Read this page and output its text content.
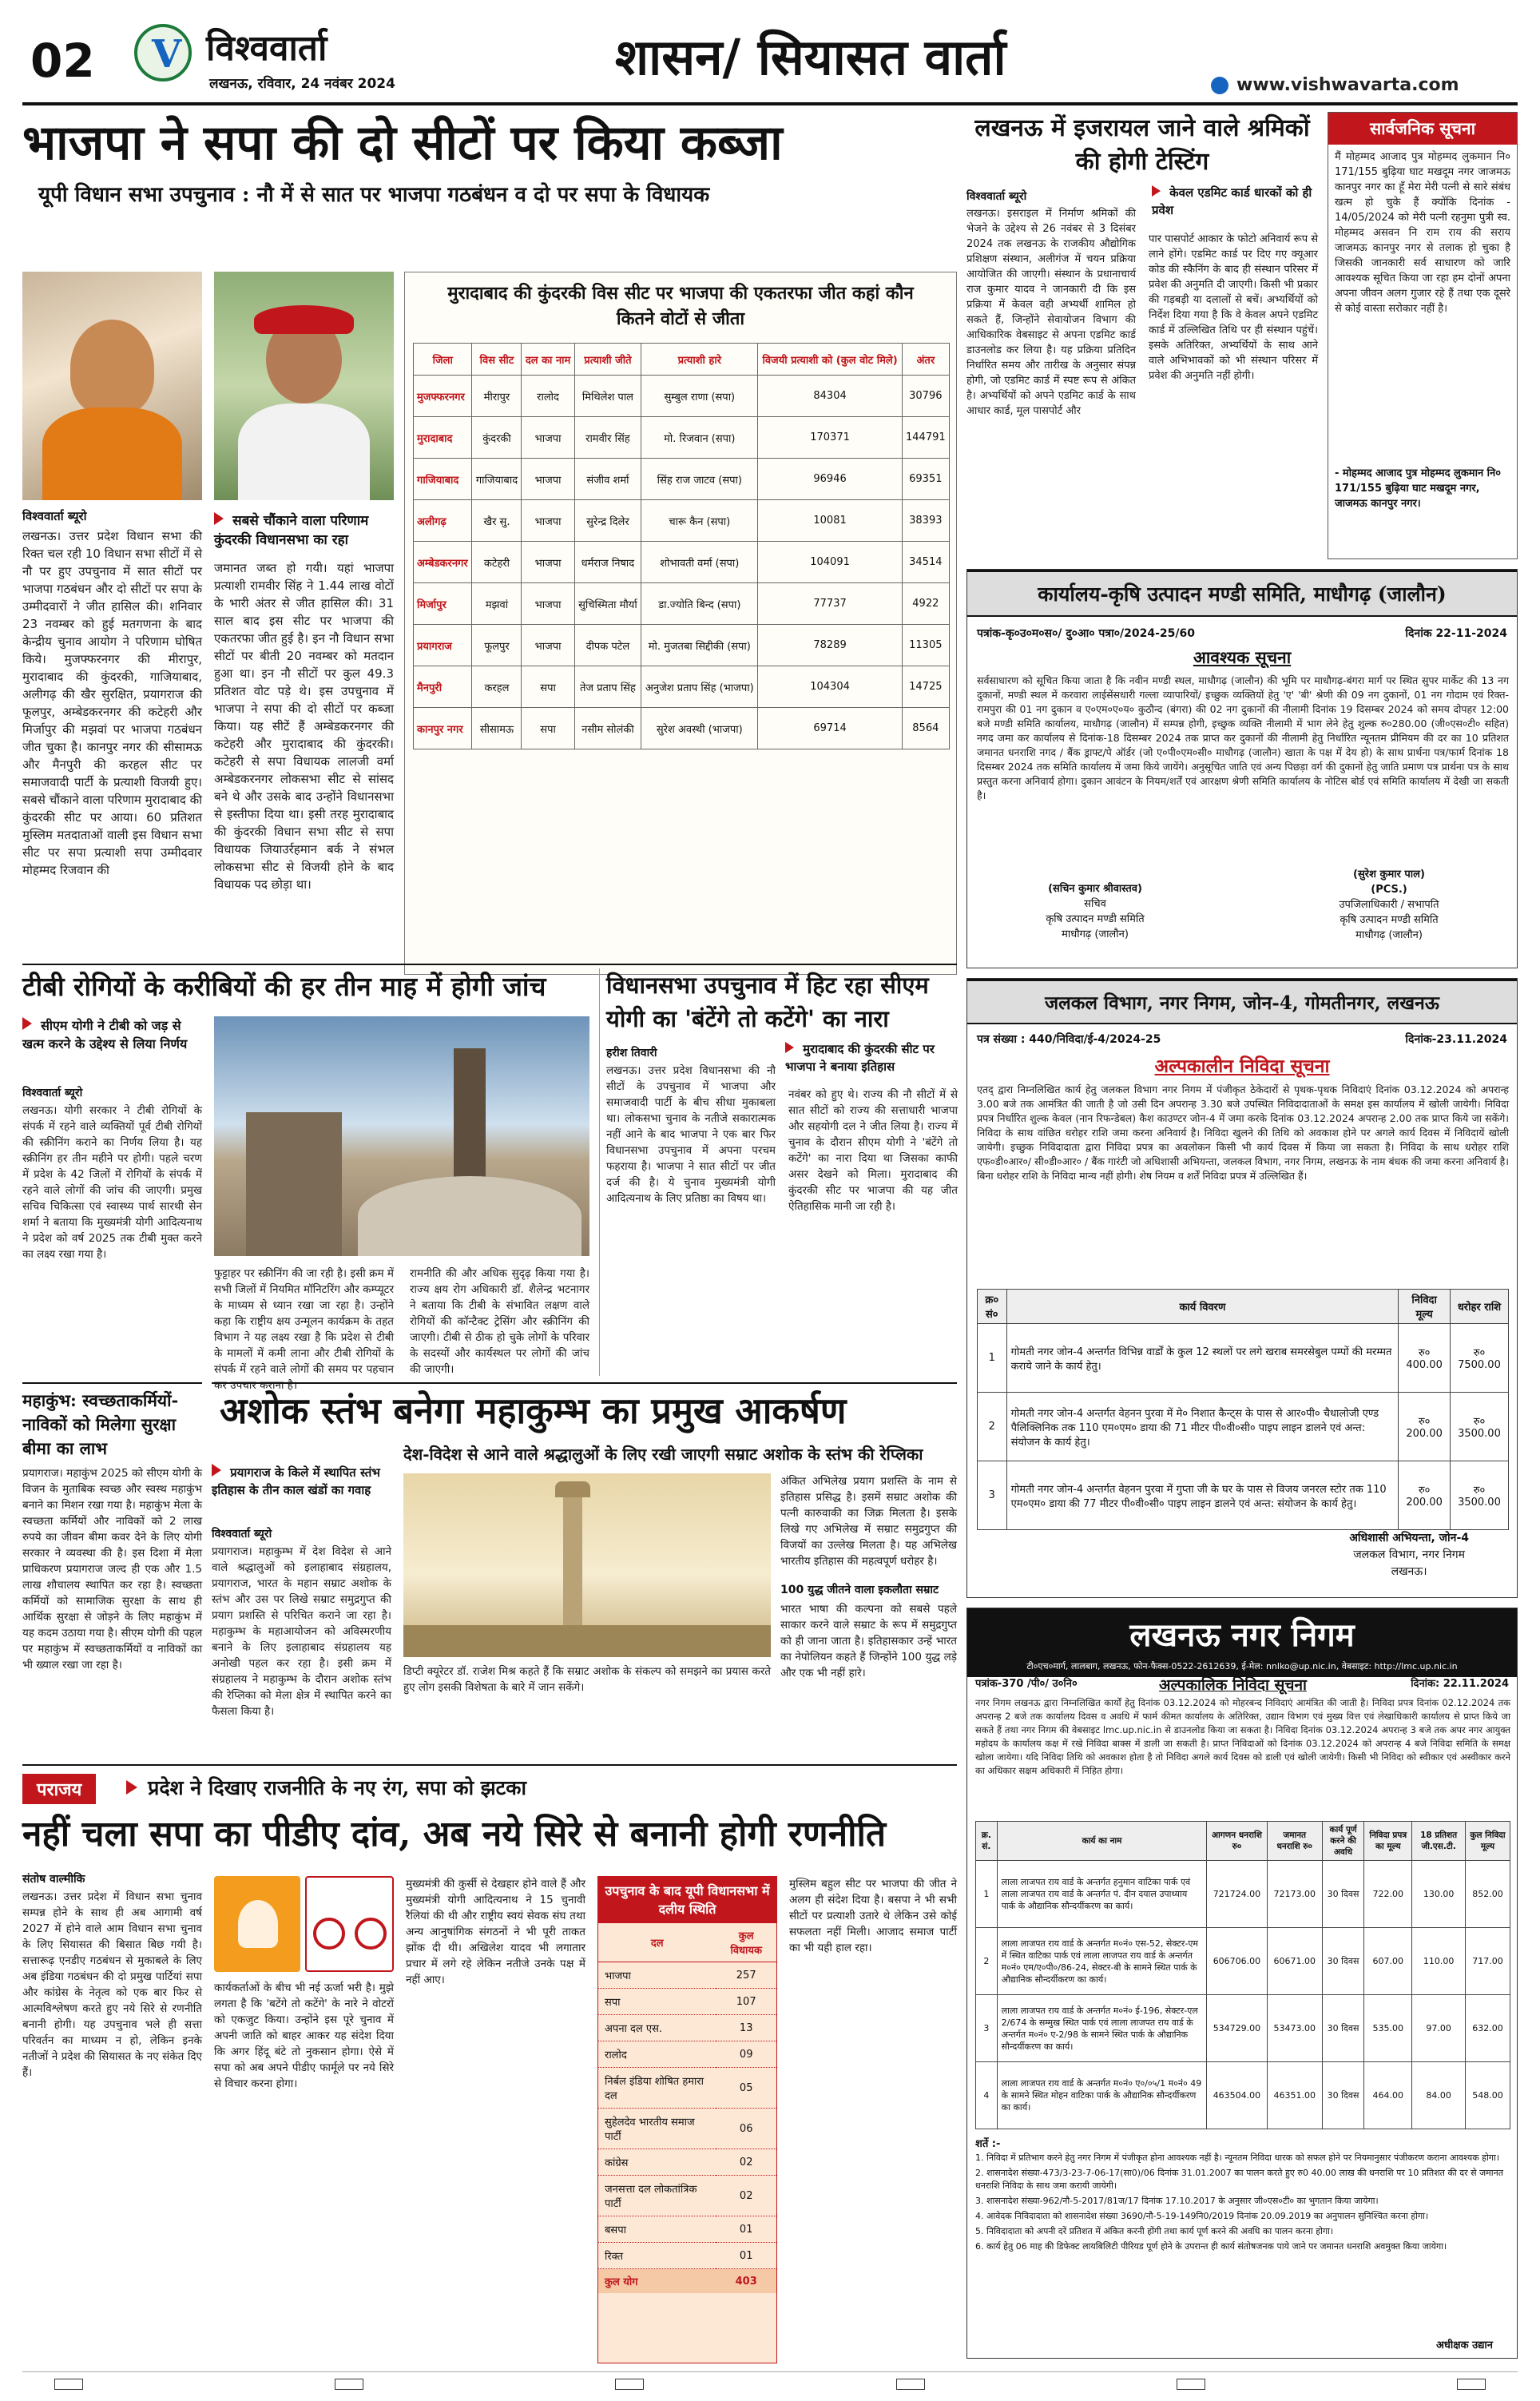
02 V विश्ववार्ता
लखनऊ, रविवार, 24 नवंबर 2024	शासन/ सियासत वार्ता	www.vishwavarta.com
भाजपा ने सपा की दो सीटों पर किया कब्जा
यूपी विधान सभा उपचुनाव : नौ में से सात पर भाजपा गठबंधन व दो पर सपा के विधायक
विश्ववार्ता ब्यूरो
लखनऊ। उत्तर प्रदेश विधान सभा की रिक्त चल रही 10 विधान सभा सीटों में से नौ पर हुए उपचुनाव में सात सीटों पर भाजपा गठबंधन और दो सीटों पर सपा के उम्मीदवारों ने जीत हासिल की। शनिवार 23 नवम्बर को हुई मतगणना के बाद केन्द्रीय चुनाव आयोग ने परिणाम घोषित किये। मुजफ्फरनगर की मीरापुर, मुरादाबाद की कुंदरकी, गाजियाबाद, अलीगढ़ की खैर सुरक्षित, प्रयागराज की फूलपुर, अम्बेडकरनगर की कटेहरी और मिर्जापुर की मझवां पर भाजपा गठबंधन जीत चुका है। कानपुर नगर की सीसामऊ और मैनपुरी की करहल सीट पर समाजवादी पार्टी के प्रत्याशी विजयी हुए। सबसे चौंकाने वाला परिणाम मुरादाबाद की कुंदरकी सीट पर आया। 60 प्रतिशत मुस्लिम मतदाताओं वाली इस विधान सभा सीट पर सपा प्रत्याशी सपा उम्मीदवार मोहम्मद रिजवान की
सबसे चौंकाने वाला परिणाम कुंदरकी विधानसभा का रहा
जमानत जब्त हो गयी। यहां भाजपा प्रत्याशी रामवीर सिंह ने 1.44 लाख वोटों के भारी अंतर से जीत हासिल की। 31 साल बाद इस सीट पर भाजपा की एकतरफा जीत हुई है। इन नौ विधान सभा सीटों पर बीती 20 नवम्बर को मतदान हुआ था। इन नौ सीटों पर कुल 49.3 प्रतिशत वोट पड़े थे। इस उपचुनाव में भाजपा ने सपा की दो सीटों पर कब्जा किया। यह सीटें हैं अम्बेडकरनगर की कटेहरी और मुरादाबाद की कुंदरकी। कटेहरी से सपा विधायक लालजी वर्मा अम्बेडकरनगर लोकसभा सीट से सांसद बने थे और उसके बाद उन्होंने विधानसभा से इस्तीफा दिया था। इसी तरह मुरादाबाद की कुंदरकी विधान सभा सीट से सपा विधायक जियाउर्रहमान बर्क ने संभल लोकसभा सीट से विजयी होने के बाद विधायक पद छोड़ा था।
मुरादाबाद की कुंदरकी विस सीट पर भाजपा की एकतरफा जीत कहां कौन कितने वोटों से जीता
जिला	विस सीट	दल का नाम	प्रत्याशी जीते	प्रत्याशी हारे	विजयी प्रत्याशी को (कुल वोट मिले)	अंतर
मुजफ्फरनगर	मीरापुर	रालोद	मिथिलेश पाल	सुम्बुल राणा (सपा)	84304	30796
मुरादाबाद	कुंदरकी	भाजपा	रामवीर सिंह	मो. रिजवान (सपा)	170371	144791
गाजियाबाद	गाजियाबाद	भाजपा	संजीव शर्मा	सिंह राज जाटव (सपा)	96946	69351
अलीगढ़	खैर सु.	भाजपा	सुरेन्द्र दिलेर	चारू कैन (सपा)	10081	38393
अम्बेडकरनगर	कटेहरी	भाजपा	धर्मराज निषाद	शोभावती वर्मा (सपा)	104091	34514
मिर्जापुर	मझवां	भाजपा	सुचिस्मिता मौर्या	डा.ज्योति बिन्द (सपा)	77737	4922
प्रयागराज	फूलपुर	भाजपा	दीपक पटेल	मो. मुजतबा सिद्दीकी (सपा)	78289	11305
मैनपुरी	करहल	सपा	तेज प्रताप सिंह	अनुजेश प्रताप सिंह (भाजपा)	104304	14725
कानपुर नगर	सीसामऊ	सपा	नसीम सोलंकी	सुरेश अवस्थी (भाजपा)	69714	8564
लखनऊ में इजरायल जाने वाले श्रमिकों की होगी टेस्टिंग
विश्ववार्ता ब्यूरो	केवल एडमिट कार्ड धारकों को ही प्रवेश
लखनऊ। इसराइल में निर्माण श्रमिकों की भेजने के उद्देश्य से 26 नवंबर से 3 दिसंबर 2024 तक लखनऊ के राजकीय औद्योगिक प्रशिक्षण संस्थान, अलीगंज में चयन प्रक्रिया आयोजित की जाएगी। संस्थान के प्रधानाचार्य राज कुमार यादव ने जानकारी दी कि इस प्रक्रिया में केवल वही अभ्यर्थी शामिल हो सकते हैं, जिन्होंने सेवायोजन विभाग की आधिकारिक वेबसाइट से अपना एडमिट कार्ड डाउनलोड कर लिया है। यह प्रक्रिया प्रतिदिन निर्धारित समय और तारीख के अनुसार संपन्न होगी, जो एडमिट कार्ड में स्पष्ट रूप से अंकित है। अभ्यर्थियों को अपने एडमिट कार्ड के साथ आधार कार्ड, मूल पासपोर्ट और
पार पासपोर्ट आकार के फोटो अनिवार्य रूप से लाने होंगे। एडमिट कार्ड पर दिए गए क्यूआर कोड की स्कैनिंग के बाद ही संस्थान परिसर में प्रवेश की अनुमति दी जाएगी। किसी भी प्रकार की गड़बड़ी या दलालों से बचें। अभ्यर्थियों को निर्देश दिया गया है कि वे केवल अपने एडमिट कार्ड में उल्लिखित तिथि पर ही संस्थान पहुंचें। इसके अतिरिक्त, अभ्यर्थियों के साथ आने वाले अभिभावकों को भी संस्थान परिसर में प्रवेश की अनुमति नहीं होगी।
सार्वजनिक सूचना
मैं मोहम्मद आजाद पुत्र मोहम्मद लुकमान नि० 171/155 बुढ़िया घाट मखदूम नगर जाजमऊ कानपुर नगर का हूँ मेरा मेरी पत्नी से सारे संबंध खत्म हो चुके हैं क्योंकि दिनांक - 14/05/2024 को मेरी पत्नी रहनुमा पुत्री स्व. मोहम्मद असवन नि राम राय की सराय जाजमऊ कानपुर नगर से तलाक हो चुका है जिसकी जानकारी सर्व साधारण को जारि आवश्यक सूचित किया जा रहा हम दोनों अपना अपना जीवन अलग गुजार रहे हैं तथा एक दूसरे से कोई वास्ता सरोकार नहीं है।
- मोहम्मद आजाद पुत्र मोहम्मद लुकमान नि० 171/155 बुढ़िया घाट मखदूम नगर, जाजमऊ कानपुर नगर।
कार्यालय-कृषि उत्पादन मण्डी समिति, माधौगढ़ (जालौन)
पत्रांक-कृ०उ०म०स०/ दु०आ० पत्रा०/2024-25/60	दिनांक 22-11-2024
आवश्यक सूचना
सर्वसाधारण को सूचित किया जाता है कि नवीन मण्डी स्थल, माधौगढ़ (जालौन) की भूमि पर माधौगढ़-बंगरा मार्ग पर स्थित सुपर मार्केट की 13 नग दुकानों, मण्डी स्थल में करवारा लाईसेंसधारी गल्ला व्यापारियों/ इच्छुक व्यक्तियों हेतु 'ए' 'बी' श्रेणी की 09 नग दुकानों, 01 नग गोदाम एवं रिक्त-रामपुरा की 01 नग दुकान व ए०एम०ए०य० कुठौन्द (बंगरा) की 02 नग दुकानों की नीलामी दिनांक 19 दिसम्बर 2024 को समय दोपहर 12:00 बजे मण्डी समिति कार्यालय, माधौगढ़ (जालौन) में सम्पन्न होगी, इच्छुक व्यक्ति नीलामी में भाग लेने हेतु शुल्क रु०280.00 (जी०एस०टी० सहित) नगद जमा कर कार्यालय से दिनांक-18 दिसम्बर 2024 तक प्राप्त कर दुकानों की नीलामी हेतु निर्धारित न्यूनतम प्रीमियम की दर का 10 प्रतिशत जमानत धनराशि नगद / बैंक ड्राफ्ट/पे ऑर्डर (जो ए०पी०एम०सी० माधौगढ़ (जालौन) खाता के पक्ष में देय हो) के साथ प्रार्थना पत्र/फार्म दिनांक 18 दिसम्बर 2024 तक समिति कार्यालय में जमा किये जायेंगे। अनुसूचित जाति एवं अन्य पिछड़ा वर्ग की दुकानों हेतु जाति प्रमाण पत्र प्रार्थना पत्र के साथ प्रस्तुत करना अनिवार्य होगा। दुकान आवंटन के नियम/शर्तें एवं आरक्षण श्रेणी समिति कार्यालय के नोटिस बोर्ड एवं समिति कार्यालय में देखी जा सकती है।
(सचिन कुमार श्रीवास्तव)
सचिव
कृषि उत्पादन मण्डी समिति
माधौगढ़ (जालौन)
(सुरेश कुमार पाल)
(PCS.)
उपजिलाधिकारी / सभापति
कृषि उत्पादन मण्डी समिति
माधौगढ़ (जालौन)
जलकल विभाग, नगर निगम, जोन-4, गोमतीनगर, लखनऊ
पत्र संख्या : 440/निविदा/ई-4/2024-25	दिनांक-23.11.2024
अल्पकालीन निविदा सूचना
एतद् द्वारा निम्नलिखित कार्य हेतु जलकल विभाग नगर निगम में पंजीकृत ठेकेदारों से पृथक-पृथक निविदाएं दिनांक 03.12.2024 को अपरान्ह 3.00 बजे तक आमंत्रित की जाती है जो उसी दिन अपरान्ह 3.30 बजे उपस्थित निविदादाताओं के समक्ष इस कार्यालय में खोली जायेगी। निविदा प्रपत्र निर्धारित शुल्क केवल (नान रिफन्डेबल) कैश काउण्टर जोन-4 में जमा करके दिनांक 03.12.2024 अपरान्ह 2.00 तक प्राप्त किये जा सकेंगे। निविदा के साथ वांछित धरोहर राशि जमा करना अनिवार्य है। निविदा खुलने की तिथि को अवकाश होने पर अगले कार्य दिवस में निविदायें खोली जायेगी। इच्छुक निविदादाता द्वारा निविदा प्रपत्र का अवलोकन किसी भी कार्य दिवस में किया जा सकता है। निविदा के साथ धरोहर राशि एफ०डी०आर०/ सी०डी०आर० / बैंक गारंटी जो अधिशासी अभियन्ता, जलकल विभाग, नगर निगम, लखनऊ के नाम बंधक की जमा करना अनिवार्य है। बिना धरोहर राशि के निविदा मान्य नहीं होगी। शेष नियम व शर्तें निविदा प्रपत्र में उल्लिखित हैं।
क्र० सं०	कार्य विवरण	निविदा मूल्य	धरोहर राशि
1	गोमती नगर जोन-4 अन्तर्गत विभिन्न वार्डों के कुल 12 स्थलों पर लगे खराब समरसेबुल पम्पों की मरम्मत कराये जाने के कार्य हेतु।	रु० 400.00	रु० 7500.00
2	गोमती नगर जोन-4 अन्तर्गत वेहनन पुरवा में मे० निशात कैन्ट्स के पास से आर०पी० चैधालोजी एण्ड पैलिक्लिनिक तक 110 एम०एम० डाया की 71 मीटर पी०वी०सी० पाइप लाइन डालने एवं अन्त: संयोजन के कार्य हेतु।	रु० 200.00	रु० 3500.00
3	गोमती नगर जोन-4 अन्तर्गत वेहनन पुरवा में गुप्ता जी के घर के पास से विजय जनरल स्टोर तक 110 एम०एम० डाया की 77 मीटर पी०वी०सी० पाइप लाइन डालने एवं अन्त: संयोजन के कार्य हेतु।	रु० 200.00	रु० 3500.00
अधिशासी अभियन्ता, जोन-4
जलकल विभाग, नगर निगम
लखनऊ।
लखनऊ नगर निगम
टी०एच०मार्ग, लालबाग, लखनऊ, फोन-फैक्स-0522-2612639, ई-मेल: nnlko@up.nic.in, वेबसाइट: http://lmc.up.nic.in
पत्रांक-370 /पी०/ उ०नि०	अल्पकालिक निविदा सूचना	दिनांक: 22.11.2024
नगर निगम लखनऊ द्वारा निम्नलिखित कार्यों हेतु दिनांक 03.12.2024 को मोहरबन्द निविदाएं आमंत्रित की जाती है। निविदा प्रपत्र दिनांक 02.12.2024 तक अपरान्ह 2 बजे तक कार्यालय दिवस व अवधि में फार्म कीमत कार्यालय के अतिरिक्त, उद्यान विभाग एवं मुख्य वित्त एवं लेखाधिकारी कार्यालय से प्राप्त किये जा सकते हैं तथा नगर निगम की वेबसाइट lmc.up.nic.in से डाउनलोड किया जा सकता है। निविदा दिनांक 03.12.2024 अपरान्ह 3 बजे तक अपर नगर आयुक्त महोदय के कार्यालय कक्ष में रखे निविदा बाक्स में डाली जा सकती है। प्राप्त निविदाओं को दिनांक 03.12.2024 को अपरान्ह 4 बजे निविदा समिति के समक्ष खोला जायेगा। यदि निविदा तिथि को अवकाश होता है तो निविदा अगले कार्य दिवस को डाली एवं खोली जायेगी। किसी भी निविदा को स्वीकार एवं अस्वीकार करने का अधिकार सक्षम अधिकारी में निहित होगा।
क्र. सं.	कार्य का नाम	आगणन धनराशि रु०	जमानत धनराशि रु०	कार्य पूर्ण करने की अवधि	निविदा प्रपत्र का मूल्य	18 प्रतिशत जी.एस.टी.	कुल निविदा मूल्य
1	लाला लाजपत राय वार्ड के अन्तर्गत हनुमान वाटिका पार्क एवं लाला लाजपत राय वार्ड के अन्तर्गत पं. दीन दयाल उपाध्याय पार्क के औद्यानिक सौन्दर्यीकरण का कार्य।	721724.00	72173.00	30 दिवस	722.00	130.00	852.00
2	लाला लाजपत राय वार्ड के अन्तर्गत म०नं० एस-52, सेक्टर-एम में स्थित वाटिका पार्क एवं लाला लाजपत राय वार्ड के अन्तर्गत म०नं० एम/ए०पी०/86-24, सेक्टर-बी के सामने स्थित पार्क के औद्यानिक सौन्दर्यीकरण का कार्य।	606706.00	60671.00	30 दिवस	607.00	110.00	717.00
3	लाला लाजपत राय वार्ड के अन्तर्गत म०नं० ई-196, सेक्टर-एल 2/674 के सम्मुख स्थित पार्क एवं लाला लाजपत राय वार्ड के अन्तर्गत म०नं० ए-2/98 के सामने स्थित पार्क के औद्यानिक सौन्दर्यीकरण का कार्य।	534729.00	53473.00	30 दिवस	535.00	97.00	632.00
4	लाला लाजपत राय वार्ड के अन्तर्गत म०नं० ए०/०५/1 म०नं० 49 के सामने स्थित मोहन वाटिका पार्क के औद्यानिक सौन्दर्यीकरण का कार्य।	463504.00	46351.00	30 दिवस	464.00	84.00	548.00
शर्ते :-
1. निविदा में प्रतिभाग करने हेतु नगर निगम में पंजीकृत होना आवश्यक नहीं है। न्यूनतम निविदा धारक को सफल होने पर नियमानुसार पंजीकरण कराना आवश्यक होगा।
2. शासनादेश संख्या-473/3-23-7-06-17(सा0)/06 दिनांक 31.01.2007 का पालन करते हुए रु0 40.00 लाख की धनराशि पर 10 प्रतिशत की दर से जमानत धनराशि निविदा के साथ जमा करायी जायेगी।
3. शासनादेश संख्या-962/नौ-5-2017/81ज/17 दिनांक 17.10.2017 के अनुसार जी०एस०टी० का भुगतान किया जायेगा।
4. आवेदक निविदादाता को शासनादेश संख्या 3690/नौ-5-19-149नि0/2019 दिनांक 20.09.2019 का अनुपालन सुनिश्चित करना होगा।
5. निविदादाता को अपनी दरें प्रतिशत में अंकित करनी होंगी तथा कार्य पूर्ण करने की अवधि का पालन करना होगा।
6. कार्य हेतु 06 माह की डिफेक्ट लायबिलिटी पीरियड पूर्ण होने के उपरान्त ही कार्य संतोषजनक पाये जाने पर जमानत धनराशि अवमुक्त किया जायेगा।
अधीक्षक उद्यान
टीबी रोगियों के करीबियों की हर तीन माह में होगी जांच
सीएम योगी ने टीबी को जड़ से खत्म करने के उद्देश्य से लिया निर्णय
विश्ववार्ता ब्यूरो
लखनऊ। योगी सरकार ने टीबी रोगियों के संपर्क में रहने वाले व्यक्तियों पूर्व टीबी रोगियों की स्क्रीनिंग कराने का निर्णय लिया है। यह स्क्रीनिंग हर तीन महीने पर होगी। पहले चरण में प्रदेश के 42 जिलों में रोगियों के संपर्क में रहने वाले लोगों की जांच की जाएगी। प्रमुख सचिव चिकित्सा एवं स्वास्थ्य पार्थ सारथी सेन शर्मा ने बताया कि मुख्यमंत्री योगी आदित्यनाथ ने प्रदेश को वर्ष 2025 तक टीबी मुक्त करने का लक्ष्य रखा गया है।
फुट्टाहर पर स्क्रीनिंग की जा रही है। इसी क्रम में सभी जिलों में नियमित मॉनिटरिंग और कम्प्यूटर के माध्यम से ध्यान रखा जा रहा है। उन्होंने कहा कि राष्ट्रीय क्षय उन्मूलन कार्यक्रम के तहत विभाग ने यह लक्ष्य रखा है कि प्रदेश से टीबी के मामलों में कमी लाना और टीबी रोगियों के संपर्क में रहने वाले लोगों की समय पर पहचान कर उपचार कराना है।
रामनीति की और अधिक सुदृढ़ किया गया है। राज्य क्षय रोग अधिकारी डॉ. शैलेन्द्र भटनागर ने बताया कि टीबी के संभावित लक्षण वाले रोगियों की कॉन्टैक्ट ट्रेसिंग और स्क्रीनिंग की जाएगी। टीबी से ठीक हो चुके लोगों के परिवार के सदस्यों और कार्यस्थल पर लोगों की जांच की जाएगी।
विधानसभा उपचुनाव में हिट रहा सीएम योगी का 'बंटेंगे तो कटेंगे' का नारा
हरीश तिवारी	मुरादाबाद की कुंदरकी सीट पर भाजपा ने बनाया इतिहास
लखनऊ। उत्तर प्रदेश विधानसभा की नौ सीटों के उपचुनाव में भाजपा और समाजवादी पार्टी के बीच सीधा मुकाबला था। लोकसभा चुनाव के नतीजे सकारात्मक नहीं आने के बाद भाजपा ने एक बार फिर विधानसभा उपचुनाव में अपना परचम फहराया है। भाजपा ने सात सीटों पर जीत दर्ज की है। ये चुनाव मुख्यमंत्री योगी आदित्यनाथ के लिए प्रतिष्ठा का विषय था।
नवंबर को हुए थे। राज्य की नौ सीटों में से सात सीटों को राज्य की सत्ताधारी भाजपा और सहयोगी दल ने जीत लिया है। राज्य में चुनाव के दौरान सीएम योगी ने 'बंटेंगे तो कटेंगे' का नारा दिया था जिसका काफी असर देखने को मिला। मुरादाबाद की कुंदरकी सीट पर भाजपा की यह जीत ऐतिहासिक मानी जा रही है।
महाकुंभ: स्वच्छताकर्मियों-नाविकों को मिलेगा सुरक्षा बीमा का लाभ
प्रयागराज। महाकुंभ 2025 को सीएम योगी के विजन के मुताबिक स्वच्छ और स्वस्थ महाकुंभ बनाने का मिशन रखा गया है। महाकुंभ मेला के स्वच्छता कर्मियों और नाविकों को 2 लाख रुपये का जीवन बीमा कवर देने के लिए योगी सरकार ने व्यवस्था की है। इस दिशा में मेला प्राधिकरण प्रयागराज जल्द ही एक और 1.5 लाख शौचालय स्थापित कर रहा है। स्वच्छता कर्मियों को सामाजिक सुरक्षा के साथ ही आर्थिक सुरक्षा से जोड़ने के लिए महाकुंभ में यह कदम उठाया गया है। सीएम योगी की पहल पर महाकुंभ में स्वच्छताकर्मियों व नाविकों का भी ख्याल रखा जा रहा है।
अशोक स्तंभ बनेगा महाकुम्भ का प्रमुख आकर्षण
देश-विदेश से आने वाले श्रद्धालुओं के लिए रखी जाएगी सम्राट अशोक के स्तंभ की रेप्लिका
प्रयागराज के किले में स्थापित स्तंभ इतिहास के तीन काल खंडों का गवाह
विश्ववार्ता ब्यूरो
प्रयागराज। महाकुम्भ में देश विदेश से आने वाले श्रद्धालुओं को इलाहाबाद संग्रहालय, प्रयागराज, भारत के महान सम्राट अशोक के स्तंभ और उस पर लिखे सम्राट समुद्रगुप्त की प्रयाग प्रशस्ति से परिचित कराने जा रहा है। महाकुम्भ के महाआयोजन को अविस्मरणीय बनाने के लिए इलाहाबाद संग्रहालय यह अनोखी पहल कर रहा है। इसी क्रम में संग्रहालय ने महाकुम्भ के दौरान अशोक स्तंभ की रेप्लिका को मेला क्षेत्र में स्थापित करने का फैसला किया है।
डिप्टी क्यूरेटर डॉ. राजेश मिश्र कहते हैं कि सम्राट अशोक के संकल्प को समझने का प्रयास करते हुए लोग इसकी विशेषता के बारे में जान सकेंगे।
अंकित अभिलेख प्रयाग प्रशस्ति के नाम से इतिहास प्रसिद्ध है। इसमें सम्राट अशोक की पत्नी कारुवाकी का जिक्र मिलता है। इसके लिखे गए अभिलेख में सम्राट समुद्रगुप्त की विजयों का उल्लेख मिलता है। यह अभिलेख भारतीय इतिहास की महत्वपूर्ण धरोहर है।
100 युद्ध जीतने वाला इकलौता सम्राट
भारत भाषा की कल्पना को सबसे पहले साकार करने वाले सम्राट के रूप में समुद्रगुप्त को ही जाना जाता है। इतिहासकार उन्हें भारत का नेपोलियन कहते हैं जिन्होंने 100 युद्ध लड़े और एक भी नहीं हारे।
पराजय	प्रदेश ने दिखाए राजनीति के नए रंग, सपा को झटका
नहीं चला सपा का पीडीए दांव, अब नये सिरे से बनानी होगी रणनीति
संतोष वाल्मीकि
लखनऊ। उत्तर प्रदेश में विधान सभा चुनाव सम्पन्न होने के साथ ही अब आगामी वर्ष 2027 में होने वाले आम विधान सभा चुनाव के लिए सियासत की बिसात बिछ गयी है। सत्तारूढ़ एनडीए गठबंधन से मुकाबले के लिए अब इंडिया गठबंधन की दो प्रमुख पार्टियां सपा और कांग्रेस के नेतृत्व को एक बार फिर से आत्मविश्लेषण करते हुए नये सिरे से रणनीति बनानी होगी। यह उपचुनाव भले ही सत्ता परिवर्तन का माध्यम न हो, लेकिन इनके नतीजों ने प्रदेश की सियासत के नए संकेत दिए हैं।
कार्यकर्ताओं के बीच भी नई ऊर्जा भरी है। मुझे लगता है कि 'बटेंगे तो कटेंगे' के नारे ने वोटरों को एकजुट किया। उन्होंने इस पूरे चुनाव में अपनी जाति को बाहर आकर यह संदेश दिया कि अगर हिंदू बंटे तो नुकसान होगा। ऐसे में सपा को अब अपने पीडीए फार्मूले पर नये सिरे से विचार करना होगा।
मुख्यमंत्री की कुर्सी से देखहार होने वाले हैं और मुख्यमंत्री योगी आदित्यनाथ ने 15 चुनावी रैलियां की थी और राष्ट्रीय स्वयं सेवक संघ तथा अन्य आनुषांगिक संगठनों ने भी पूरी ताकत झोंक दी थी। अखिलेश यादव भी लगातार प्रचार में लगे रहे लेकिन नतीजे उनके पक्ष में नहीं आए।
उपचुनाव के बाद यूपी विधानसभा में दलीय स्थिति
दल	कुल विधायक
भाजपा	257
सपा	107
अपना दल एस.	13
रालोद	09
निर्बल इंडिया शोषित हमारा दल	05
सुहेलदेव भारतीय समाज पार्टी	06
कांग्रेस	02
जनसत्ता दल लोकतांत्रिक पार्टी	02
बसपा	01
रिक्त	01
कुल योग	403
मुस्लिम बहुल सीट पर भाजपा की जीत ने अलग ही संदेश दिया है। बसपा ने भी सभी सीटों पर प्रत्याशी उतारे थे लेकिन उसे कोई सफलता नहीं मिली। आजाद समाज पार्टी का भी यही हाल रहा।
